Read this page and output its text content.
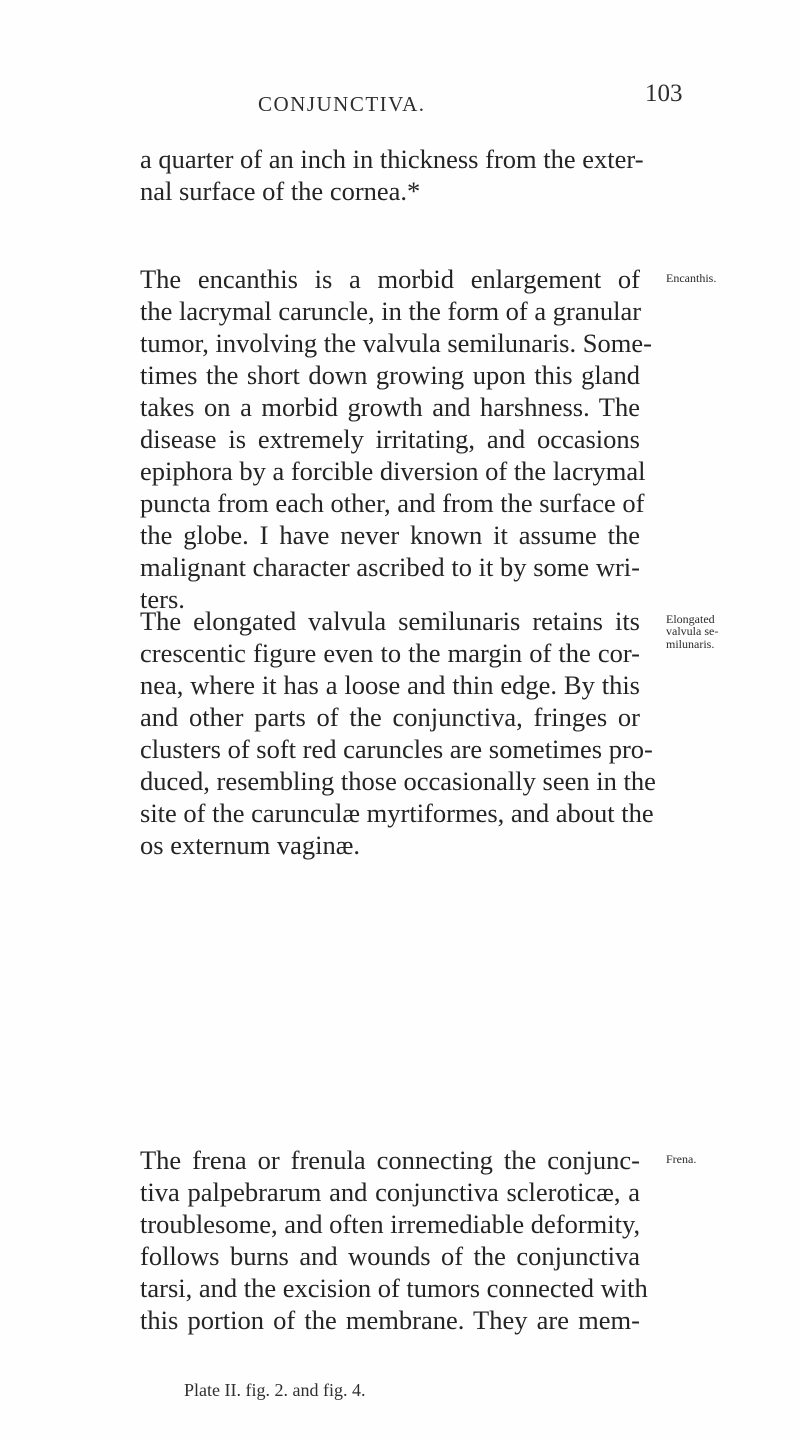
CONJUNCTIVA.	103
a quarter of an inch in thickness from the exter-
nal surface of the cornea.*
The encanthis is a morbid enlargement of
the lacrymal caruncle, in the form of a granular
tumor, involving the valvula semilunaris. Some-
times the short down growing upon this gland
takes on a morbid growth and harshness. The
disease is extremely irritating, and occasions
epiphora by a forcible diversion of the lacrymal
puncta from each other, and from the surface of
the globe. I have never known it assume the
malignant character ascribed to it by some wri-
ters.
The elongated valvula semilunaris retains its
crescentic figure even to the margin of the cor-
nea, where it has a loose and thin edge. By this
and other parts of the conjunctiva, fringes or
clusters of soft red caruncles are sometimes pro-
duced, resembling those occasionally seen in the
site of the carunculæ myrtiformes, and about the
os externum vaginæ.
The frena or frenula connecting the conjunc-
tiva palpebrarum and conjunctiva scleroticæ, a
troublesome, and often irremediable deformity,
follows burns and wounds of the conjunctiva
tarsi, and the excision of tumors connected with
this portion of the membrane. They are mem-
Encanthis.
Elongated
valvula se-
milunaris.
Frena.
Plate II. fig. 2. and fig. 4.
